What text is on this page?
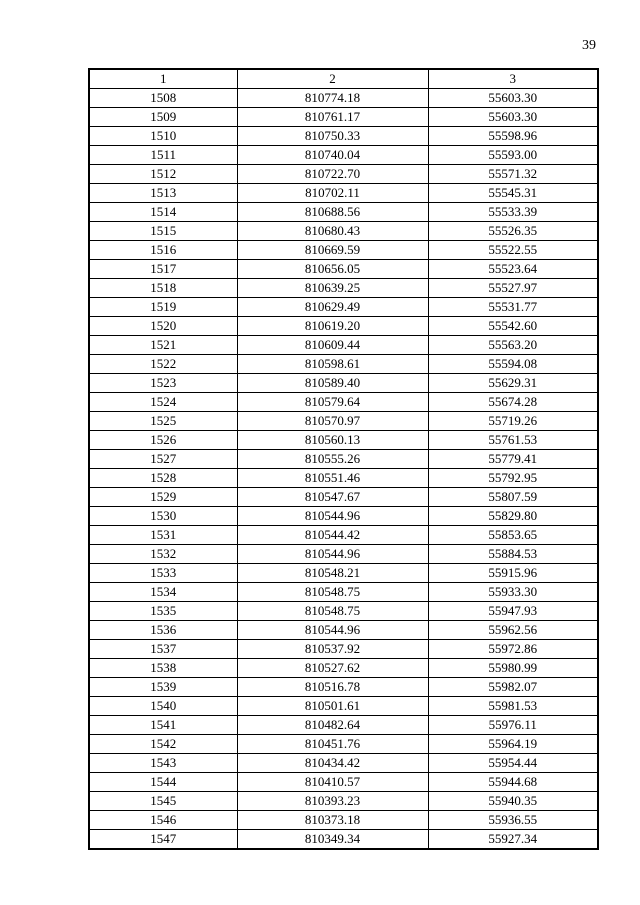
39
1	2	3
1508	810774.18	55603.30
1509	810761.17	55603.30
1510	810750.33	55598.96
1511	810740.04	55593.00
1512	810722.70	55571.32
1513	810702.11	55545.31
1514	810688.56	55533.39
1515	810680.43	55526.35
1516	810669.59	55522.55
1517	810656.05	55523.64
1518	810639.25	55527.97
1519	810629.49	55531.77
1520	810619.20	55542.60
1521	810609.44	55563.20
1522	810598.61	55594.08
1523	810589.40	55629.31
1524	810579.64	55674.28
1525	810570.97	55719.26
1526	810560.13	55761.53
1527	810555.26	55779.41
1528	810551.46	55792.95
1529	810547.67	55807.59
1530	810544.96	55829.80
1531	810544.42	55853.65
1532	810544.96	55884.53
1533	810548.21	55915.96
1534	810548.75	55933.30
1535	810548.75	55947.93
1536	810544.96	55962.56
1537	810537.92	55972.86
1538	810527.62	55980.99
1539	810516.78	55982.07
1540	810501.61	55981.53
1541	810482.64	55976.11
1542	810451.76	55964.19
1543	810434.42	55954.44
1544	810410.57	55944.68
1545	810393.23	55940.35
1546	810373.18	55936.55
1547	810349.34	55927.34
